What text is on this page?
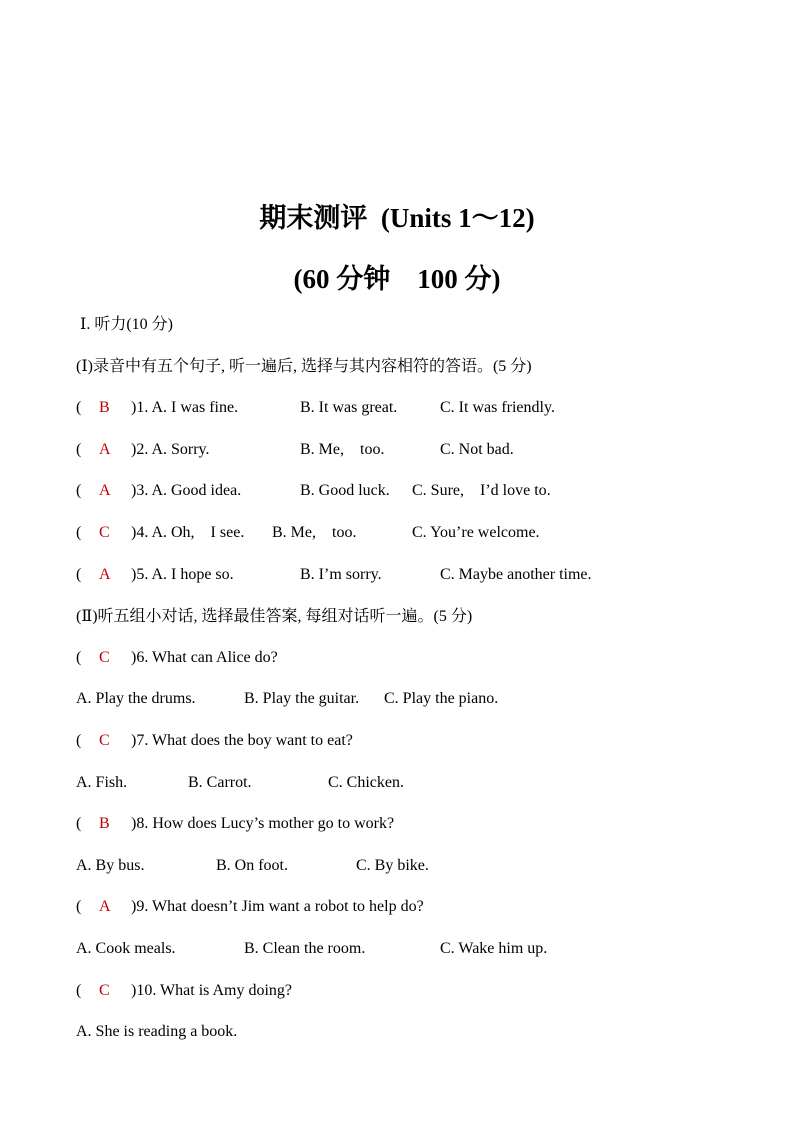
期末测评  (Units 1～12)
(60 分钟    100 分)
Ⅰ. 听力(10 分)
(Ⅰ)录音中有五个句子, 听一遍后, 选择与其内容相符的答语。(5 分)
( B )1. A. I was fine.	B. It was great.	C. It was friendly.
( A )2. A. Sorry.	B. Me,    too.	C. Not bad.
( A )3. A. Good idea.	B. Good luck. C. Sure,    I’d love to.
( C )4. A. Oh,    I see. B. Me,    too.	C. You’re welcome.
( A )5. A. I hope so.	B. I’m sorry.	C. Maybe another time.
(Ⅱ)听五组小对话, 选择最佳答案, 每组对话听一遍。(5 分)
( C )6. What can Alice do?
A. Play the drums.	B. Play the guitar. C. Play the piano.
( C )7. What does the boy want to eat?
A. Fish.	B. Carrot.	C. Chicken.
( B )8. How does Lucy’s mother go to work?
A. By bus.	B. On foot.	C. By bike.
( A )9. What doesn’t Jim want a robot to help do?
A. Cook meals.	B. Clean the room.	C. Wake him up.
( C )10. What is Amy doing?
A. She is reading a book.
